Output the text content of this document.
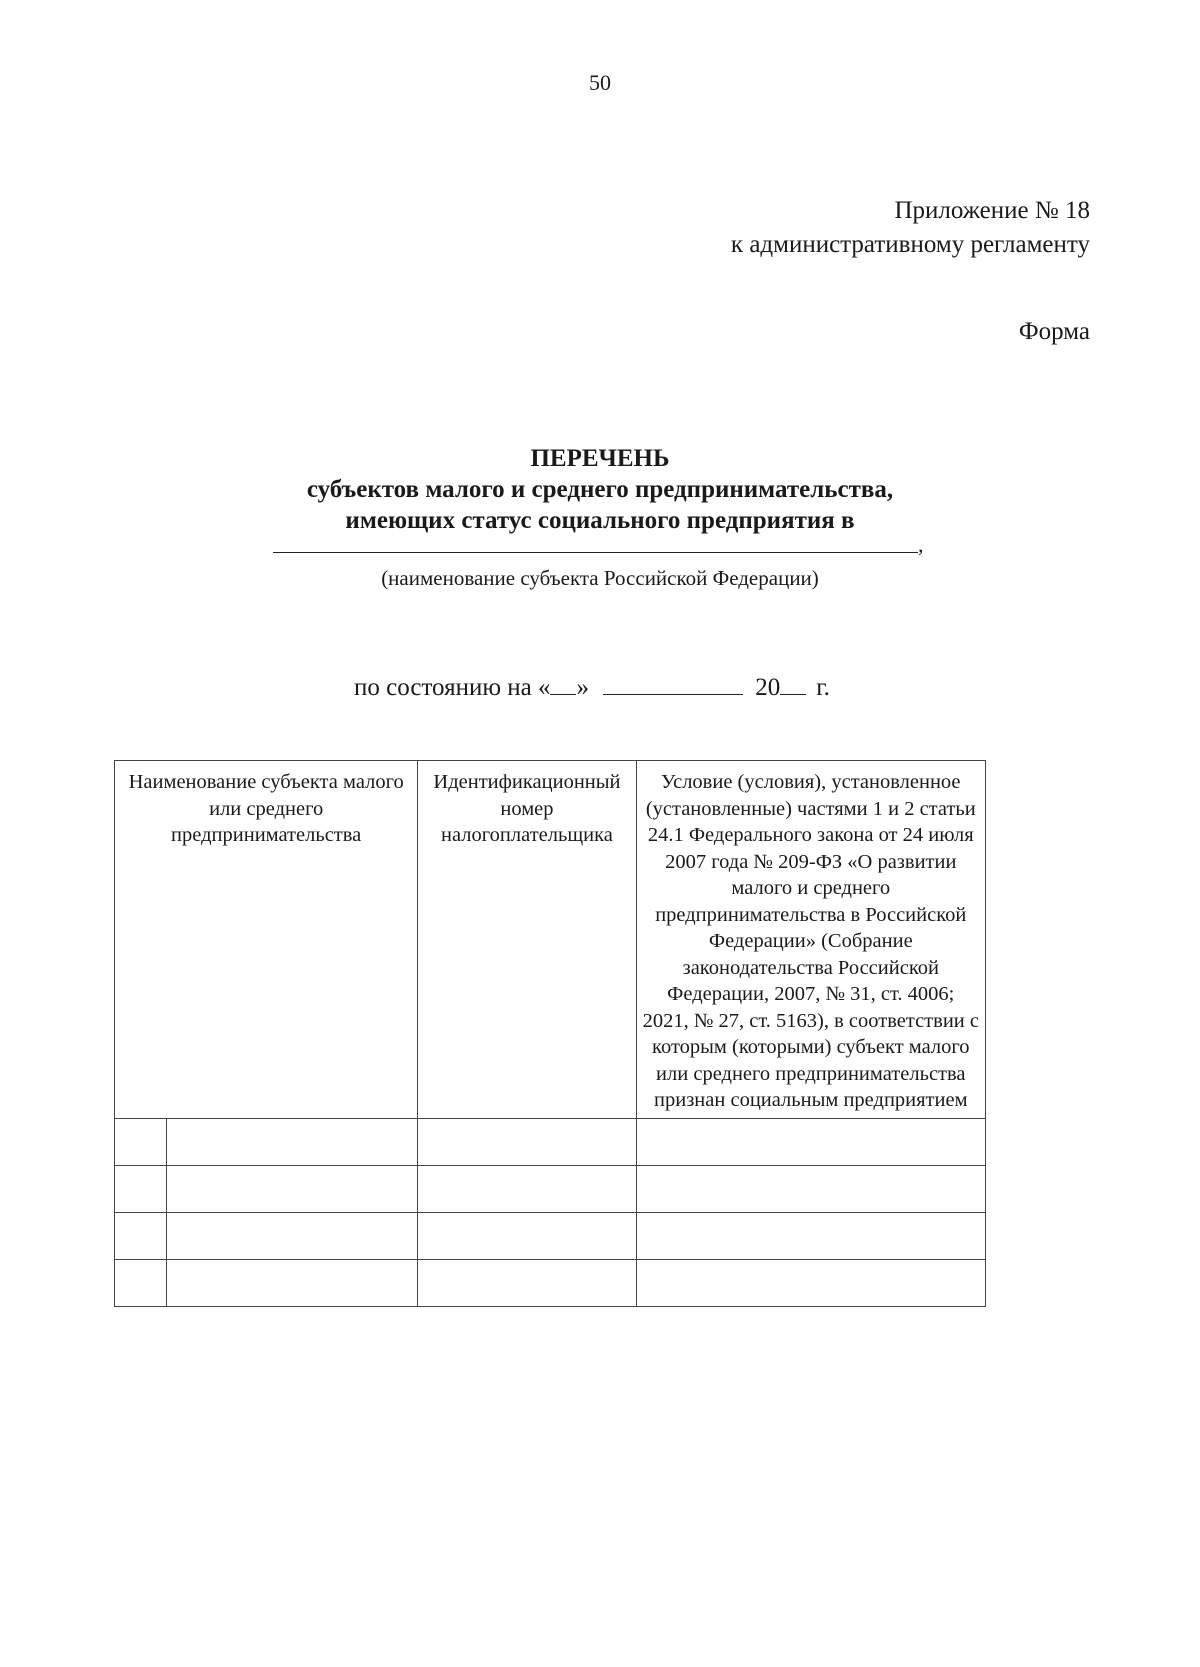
50
Приложение № 18
к административному регламенту
Форма
ПЕРЕЧЕНЬ
субъектов малого и среднего предпринимательства,
имеющих статус социального предприятия в
,
(наименование субъекта Российской Федерации)
по состоянию на « »	20 г.
Наименование субъекта малого или среднего предпринимательства		Идентификационный номер налогоплательщика	Условие (условия), установленное (установленные) частями 1 и 2 статьи 24.1 Федерального закона от 24 июля 2007 года № 209-ФЗ «О развитии малого и среднего предпринимательства в Российской Федерации» (Собрание законодательства Российской Федерации, 2007, № 31, ст. 4006; 2021, № 27, ст. 5163), в соответствии с которым (которыми) субъект малого или среднего предпринимательства признан социальным предприятием
